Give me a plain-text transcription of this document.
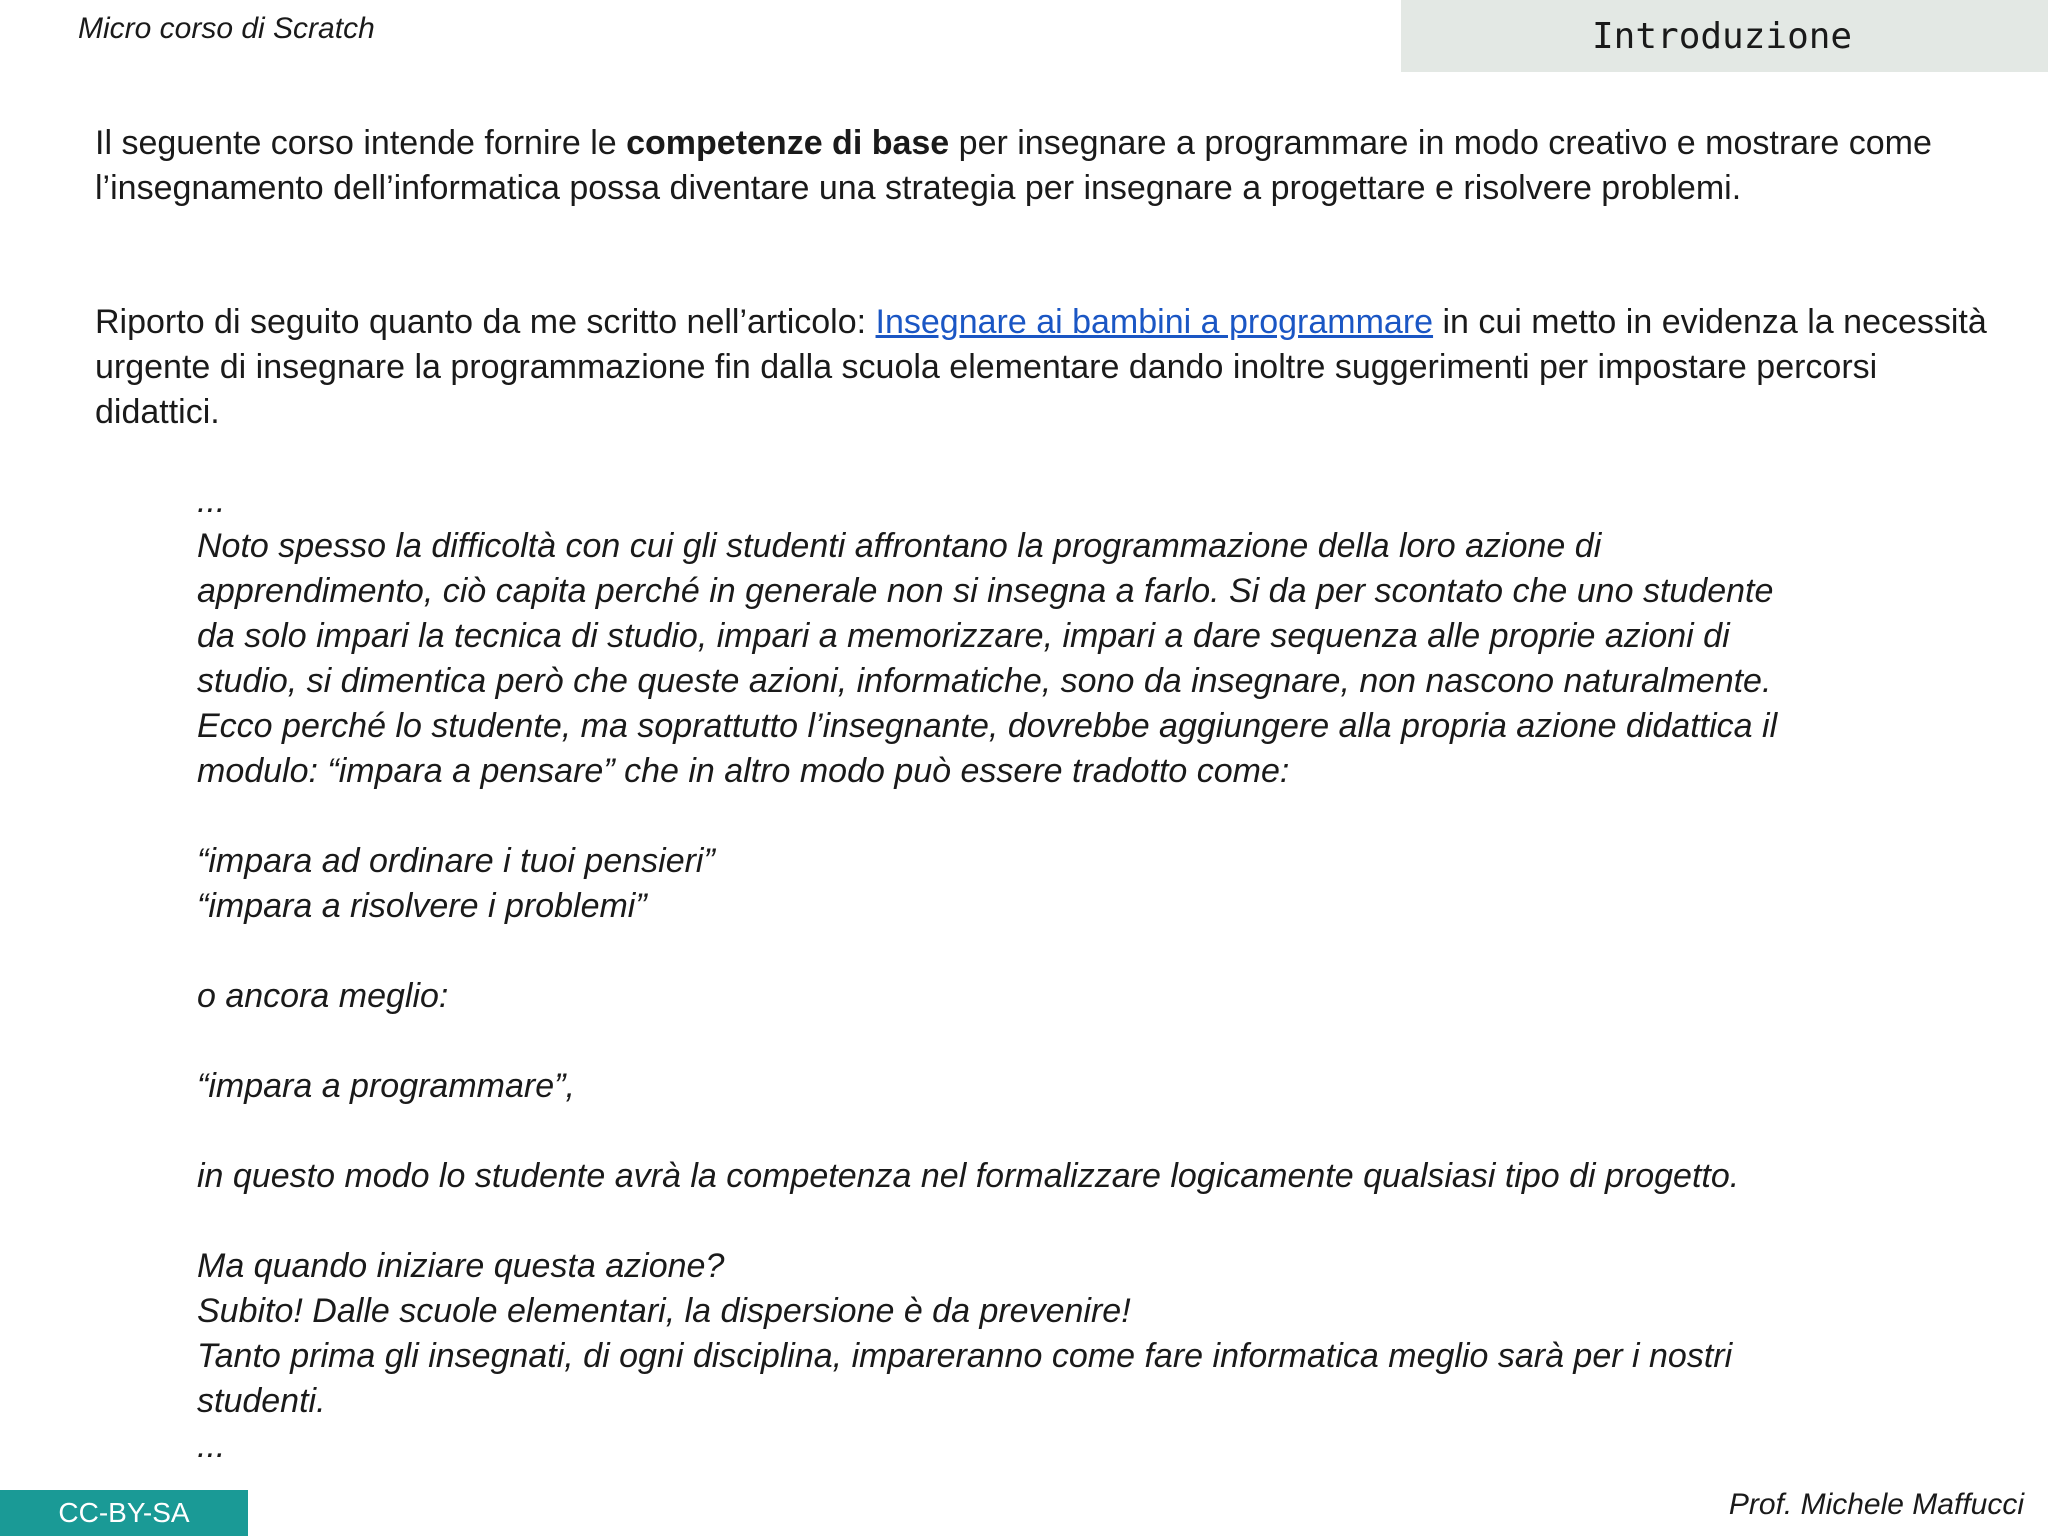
Micro corso di Scratch	Introduzione

Il seguente corso intende fornire le competenze di base per insegnare a programmare in modo creativo e mostrare come l’insegnamento dell’informatica possa diventare una strategia per insegnare a progettare e risolvere problemi.

Riporto di seguito quanto da me scritto nell’articolo: Insegnare ai bambini a programmare in cui metto in evidenza la necessità urgente di insegnare la programmazione fin dalla scuola elementare dando inoltre suggerimenti per impostare percorsi didattici.

...
Noto spesso la difficoltà con cui gli studenti affrontano la programmazione della loro azione di
apprendimento, ciò capita perché in generale non si insegna a farlo. Si da per scontato che uno studente
da solo impari la tecnica di studio, impari a memorizzare, impari a dare sequenza alle proprie azioni di
studio, si dimentica però che queste azioni, informatiche, sono da insegnare, non nascono naturalmente.
Ecco perché lo studente, ma soprattutto l’insegnante, dovrebbe aggiungere alla propria azione didattica il
modulo: “impara a pensare” che in altro modo può essere tradotto come:
“impara ad ordinare i tuoi pensieri”
“impara a risolvere i problemi”
o ancora meglio:
“impara a programmare”,
in questo modo lo studente avrà la competenza nel formalizzare logicamente qualsiasi tipo di progetto.
Ma quando iniziare questa azione?
Subito! Dalle scuole elementari, la dispersione è da prevenire!
Tanto prima gli insegnati, di ogni disciplina, impareranno come fare informatica meglio sarà per i nostri
studenti.
...
CC-BY-SA	Prof. Michele Maffucci
